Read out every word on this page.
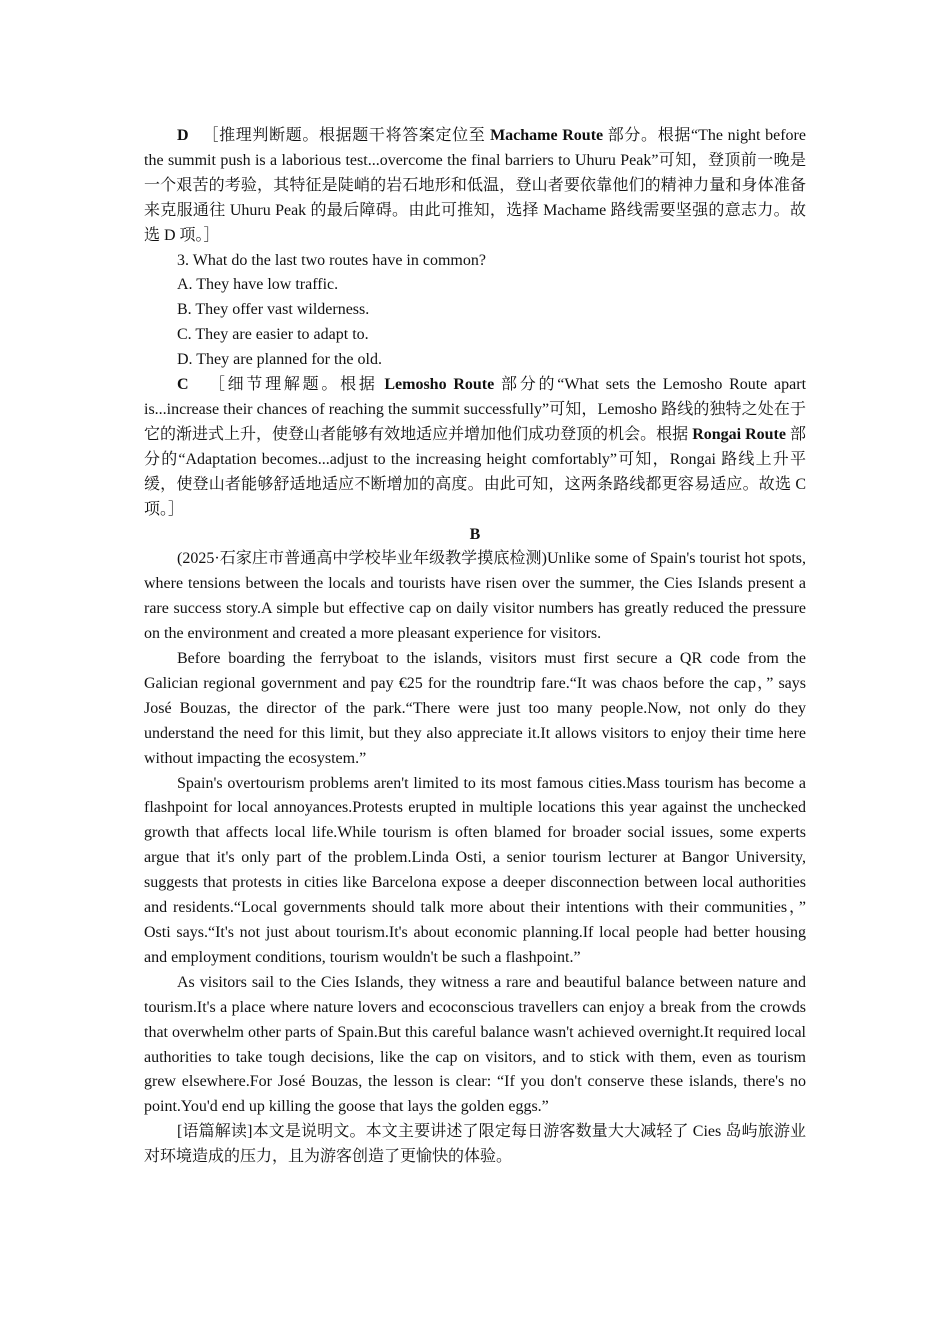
D ［推理判断题。根据题干将答案定位至 Machame Route 部分。根据“The night before the summit push is a laborious test...overcome the final barriers to Uhuru Peak”可知，登顶前一晚是一个艰苦的考验，其特征是陡峭的岩石地形和低温，登山者要依靠他们的精神力量和身体准备来克服通往 Uhuru Peak 的最后障碍。由此可推知，选择 Machame 路线需要坚强的意志力。故选 D 项。］

3. What do the last two routes have in common?

A. They have low traffic.

B. They offer vast wilderness.

C. They are easier to adapt to.

D. They are planned for the old.

C ［细节理解题。根据 Lemosho Route 部分的“What sets the Lemosho Route apart is...increase their chances of reaching the summit successfully”可知，Lemosho 路线的独特之处在于它的渐进式上升，使登山者能够有效地适应并增加他们成功登顶的机会。根据 Rongai Route 部分的“Adaptation becomes...adjust to the increasing height comfortably”可知，Rongai 路线上升平缓，使登山者能够舒适地适应不断增加的高度。由此可知，这两条路线都更容易适应。故选 C 项。］

B

(2025·石家庄市普通高中学校毕业年级教学摸底检测)Unlike some of Spain's tourist hot spots, where tensions between the locals and tourists have risen over the summer, the Cies Islands present a rare success story.A simple but effective cap on daily visitor numbers has greatly reduced the pressure on the environment and created a more pleasant experience for visitors.

Before boarding the ferryboat to the islands, visitors must first secure a QR code from the Galician regional government and pay €25 for the roundtrip fare.“It was chaos before the cap，” says José Bouzas, the director of the park.“There were just too many people.Now, not only do they understand the need for this limit, but they also appreciate it.It allows visitors to enjoy their time here without impacting the ecosystem.”

Spain's overtourism problems aren't limited to its most famous cities.Mass tourism has become a flashpoint for local annoyances.Protests erupted in multiple locations this year against the unchecked growth that affects local life.While tourism is often blamed for broader social issues, some experts argue that it's only part of the problem.Linda Osti, a senior tourism lecturer at Bangor University, suggests that protests in cities like Barcelona expose a deeper disconnection between local authorities and residents.“Local governments should talk more about their intentions with their communities，” Osti says.“It's not just about tourism.It's about economic planning.If local people had better housing and employment conditions, tourism wouldn't be such a flashpoint.”

As visitors sail to the Cies Islands, they witness a rare and beautiful balance between nature and tourism.It's a place where nature lovers and ecoconscious travellers can enjoy a break from the crowds that overwhelm other parts of Spain.But this careful balance wasn't achieved overnight.It required local authorities to take tough decisions, like the cap on visitors, and to stick with them, even as tourism grew elsewhere.For José Bouzas, the lesson is clear: “If you don't conserve these islands, there's no point.You'd end up killing the goose that lays the golden eggs.”

[语篇解读]本文是说明文。本文主要讲述了限定每日游客数量大大减轻了 Cies 岛屿旅游业对环境造成的压力，且为游客创造了更愉快的体验。
